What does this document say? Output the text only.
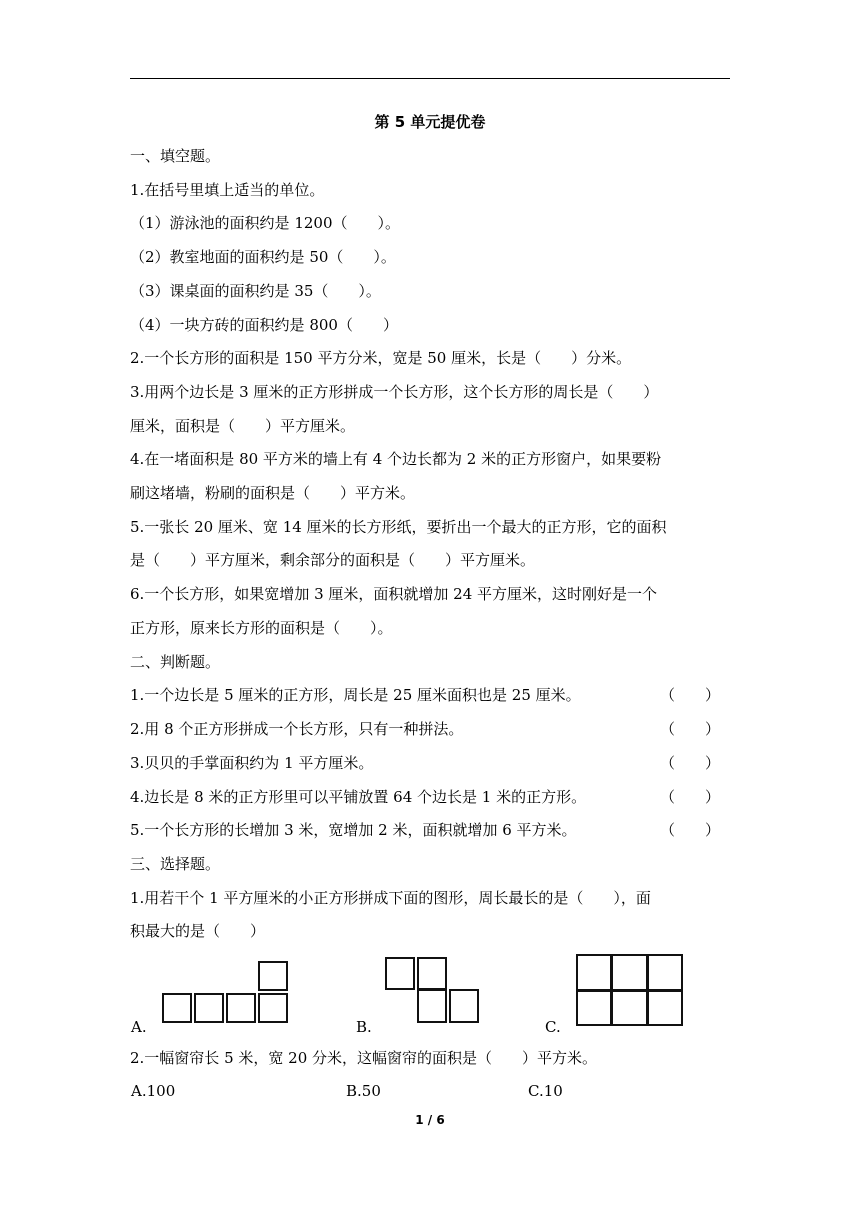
第 5 单元提优卷
一、填空题。
1.在括号里填上适当的单位。
（1）游泳池的面积约是 1200（　　）。
（2）教室地面的面积约是 50（　　）。
（3）课桌面的面积约是 35（　　）。
（4）一块方砖的面积约是 800（　　）
2.一个长方形的面积是 150 平方分米，宽是 50 厘米，长是（　　）分米。
3.用两个边长是 3 厘米的正方形拼成一个长方形，这个长方形的周长是（　　）
厘米，面积是（　　）平方厘米。
4.在一堵面积是 80 平方米的墙上有 4 个边长都为 2 米的正方形窗户，如果要粉
刷这堵墙，粉刷的面积是（　　）平方米。
5.一张长 20 厘米、宽 14 厘米的长方形纸，要折出一个最大的正方形，它的面积
是（　　）平方厘米，剩余部分的面积是（　　）平方厘米。
6.一个长方形，如果宽增加 3 厘米，面积就增加 24 平方厘米，这时刚好是一个
正方形，原来长方形的面积是（　　）。
二、判断题。
1.一个边长是 5 厘米的正方形，周长是 25 厘米面积也是 25 厘米。	（　　）
2.用 8 个正方形拼成一个长方形，只有一种拼法。	（　　）
3.贝贝的手掌面积约为 1 平方厘米。	（　　）
4.边长是 8 米的正方形里可以平铺放置 64 个边长是 1 米的正方形。	（　　）
5.一个长方形的长增加 3 米，宽增加 2 米，面积就增加 6 平方米。	（　　）
三、选择题。
1.用若干个 1 平方厘米的小正方形拼成下面的图形，周长最长的是（　　），面
积最大的是（　　）
A.	B.	C.
2.一幅窗帘长 5 米，宽 20 分米，这幅窗帘的面积是（　　）平方米。
A.100	B.50	C.10
1 / 6
